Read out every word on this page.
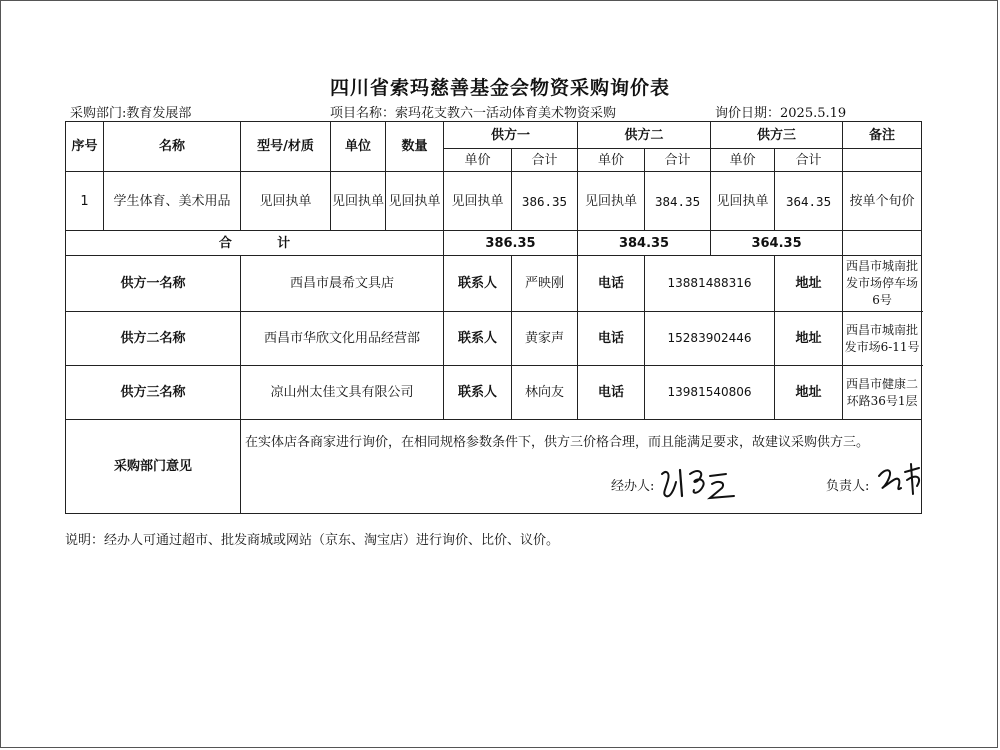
四川省索玛慈善基金会物资采购询价表
采购部门:教育发展部	项目名称：索玛花支教六一活动体育美术物资采购	询价日期：2025.5.19
序号	名称	型号/材质	单位	数量	供方一		供方二		供方三		备注
					单价	合计	单价	合计	单价	合计	
1	学生体育、美术用品	见回执单	见回执单	见回执单	见回执单	386.35	见回执单	384.35	见回执单	364.35	按单个旬价
合          计					386.35		384.35		364.35		
供方一名称		西昌市晨希文具店			联系人	严映刚	电话	13881488316		地址	西昌市城南批发市场停车场6号
供方二名称		西昌市华欣文化用品经营部			联系人	黄家声	电话	15283902446		地址	西昌市城南批发市场6-11号
供方三名称		凉山州太佳文具有限公司			联系人	林向友	电话	13981540806		地址	西昌市健康二环路36号1层
采购部门意见		在实体店各商家进行询价，在相同规格参数条件下，供方三价格合理，而且能满足要求，故建议采购供方三。
经办人: 负责人:									
说明：经办人可通过超市、批发商城或网站（京东、淘宝店）进行询价、比价、议价。
